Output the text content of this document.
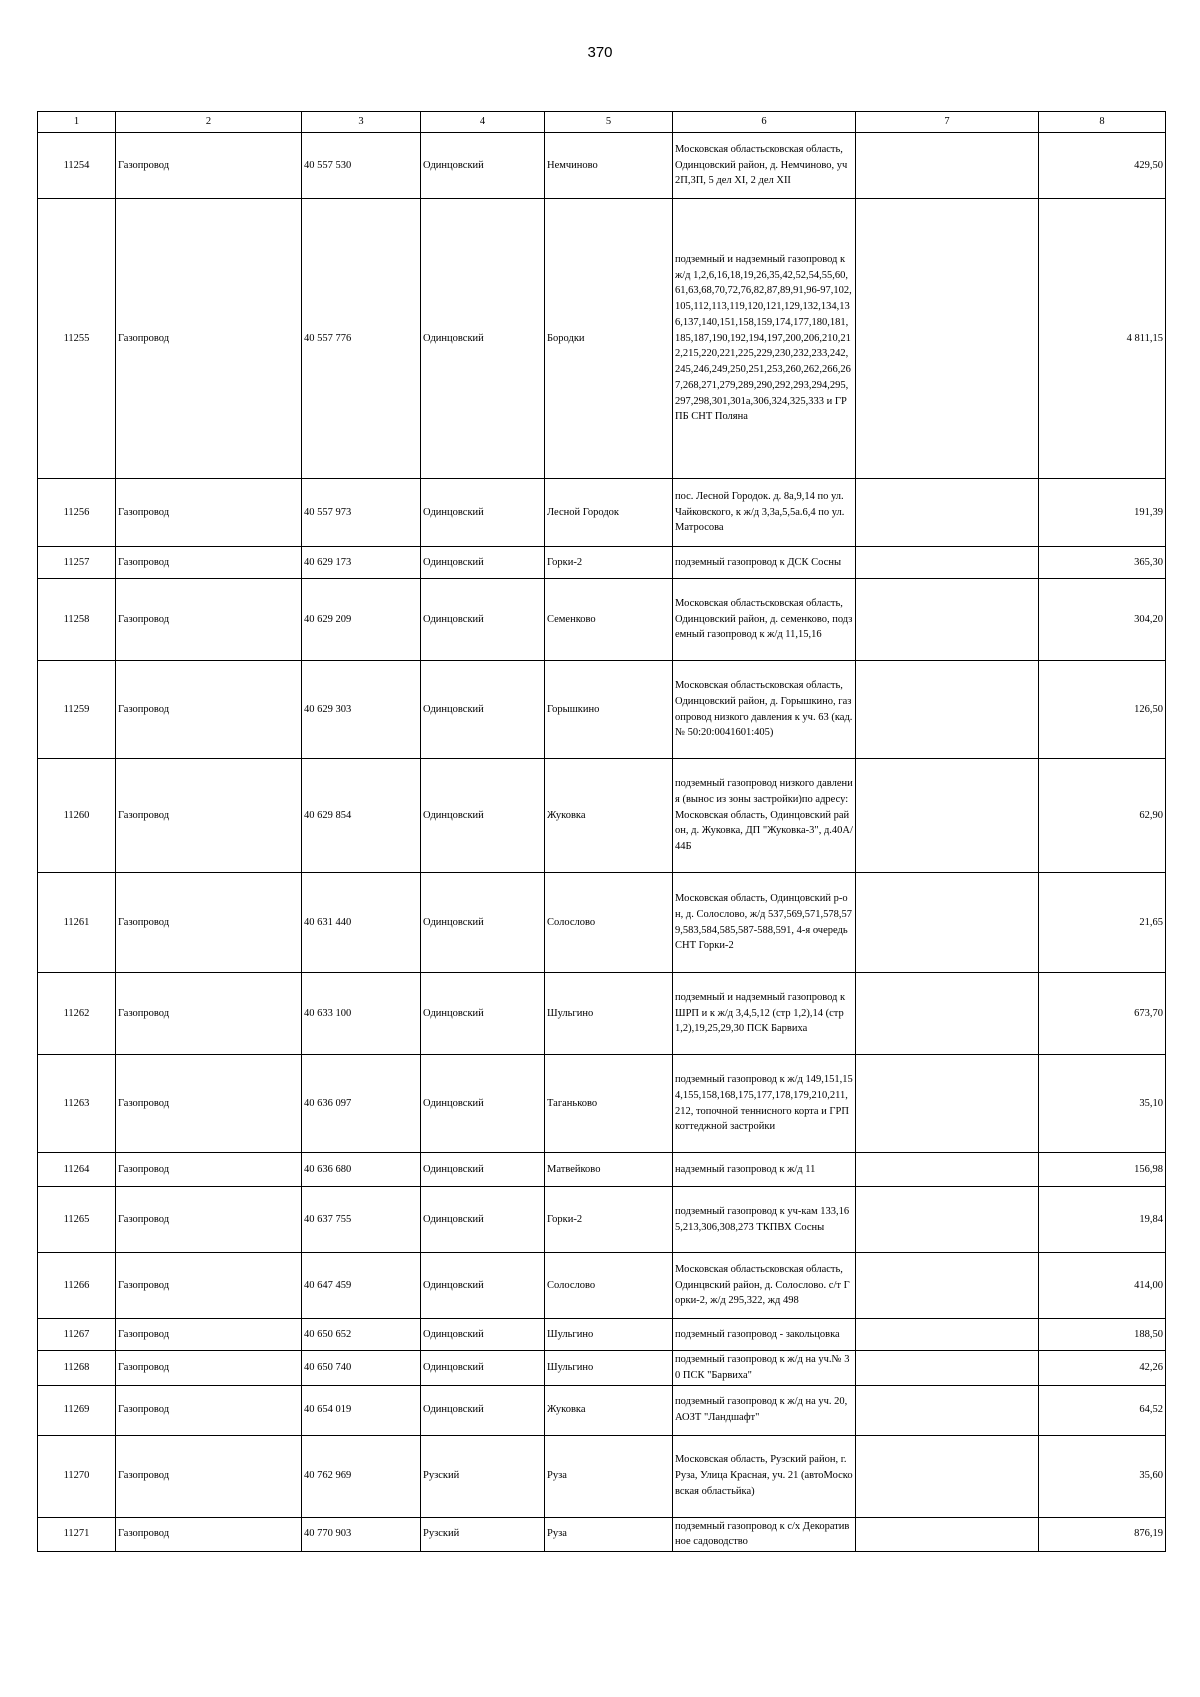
370
1	2	3	4	5	6	7	8
11254	Газопровод	40 557 530	Одинцовский	Немчиново	Московская областьсковская область, Одинцовский район, д. Немчиново, уч 2П,3П, 5 дел XI, 2 дел XII		429,50
11255	Газопровод	40 557 776	Одинцовский	Бородки	подземный и надземный газопровод к ж/д 1,2,6,16,18,19,26,35,42,52,54,55,60,61,63,68,70,72,76,82,87,89,91,96-97,102,105,112,113,119,120,121,129,132,134,136,137,140,151,158,159,174,177,180,181,185,187,190,192,194,197,200,206,210,212,215,220,221,225,229,230,232,233,242,245,246,249,250,251,253,260,262,266,267,268,271,279,289,290,292,293,294,295,297,298,301,301а,306,324,325,333 и ГРПБ СНТ Поляна		4 811,15
11256	Газопровод	40 557 973	Одинцовский	Лесной Городок	пос. Лесной Городок. д. 8а,9,14 по ул. Чайковского, к ж/д 3,3а,5,5а.6,4 по ул. Матросова		191,39
11257	Газопровод	40 629 173	Одинцовский	Горки-2	подземный газопровод к ДСК Сосны		365,30
11258	Газопровод	40 629 209	Одинцовский	Семенково	Московская областьсковская область, Одинцовский район, д. семенково, подземный газопровод к ж/д 11,15,16		304,20
11259	Газопровод	40 629 303	Одинцовский	Горышкино	Московская областьсковская область, Одинцовский район, д. Горышкино, газопровод низкого давления к уч. 63 (кад.№ 50:20:0041601:405)		126,50
11260	Газопровод	40 629 854	Одинцовский	Жуковка	подземный газопровод низкого давления (вынос из зоны застройки)по адресу: Московская область, Одинцовский район, д. Жуковка, ДП "Жуковка-3", д.40А/44Б		62,90
11261	Газопровод	40 631 440	Одинцовский	Солослово	Московская область, Одинцовский р-он, д. Солослово, ж/д 537,569,571,578,579,583,584,585,587-588,591, 4-я очередь СНТ Горки-2		21,65
11262	Газопровод	40 633 100	Одинцовский	Шульгино	подземный и надземный газопровод к ШРП и к ж/д 3,4,5,12 (стр 1,2),14 (стр 1,2),19,25,29,30 ПСК Барвиха		673,70
11263	Газопровод	40 636 097	Одинцовский	Таганьково	подземный газопровод к ж/д 149,151,154,155,158,168,175,177,178,179,210,211,212, топочной теннисного корта и ГРП коттеджной застройки		35,10
11264	Газопровод	40 636 680	Одинцовский	Матвейково	надземный газопровод к ж/д 11		156,98
11265	Газопровод	40 637 755	Одинцовский	Горки-2	подземный газопровод к уч-кам 133,165,213,306,308,273 ТКПВХ Сосны		19,84
11266	Газопровод	40 647 459	Одинцовский	Солослово	Московская областьсковская область, Одинцвский район, д. Солослово. с/т Горки-2, ж/д 295,322, жд 498		414,00
11267	Газопровод	40 650 652	Одинцовский	Шульгино	подземный газопровод - закольцовка		188,50
11268	Газопровод	40 650 740	Одинцовский	Шульгино	подземный газопровод к ж/д на уч.№ 30 ПСК "Барвиха"		42,26
11269	Газопровод	40 654 019	Одинцовский	Жуковка	подземный газопровод к ж/д на уч. 20, АОЗТ "Ландшафт"		64,52
11270	Газопровод	40 762 969	Рузский	Руза	Московская область, Рузский район, г. Руза, Улица Красная, уч. 21 (автоМосковская областьйка)		35,60
11271	Газопровод	40 770 903	Рузский	Руза	подземный газопровод к с/х Декоративное садоводство		876,19
